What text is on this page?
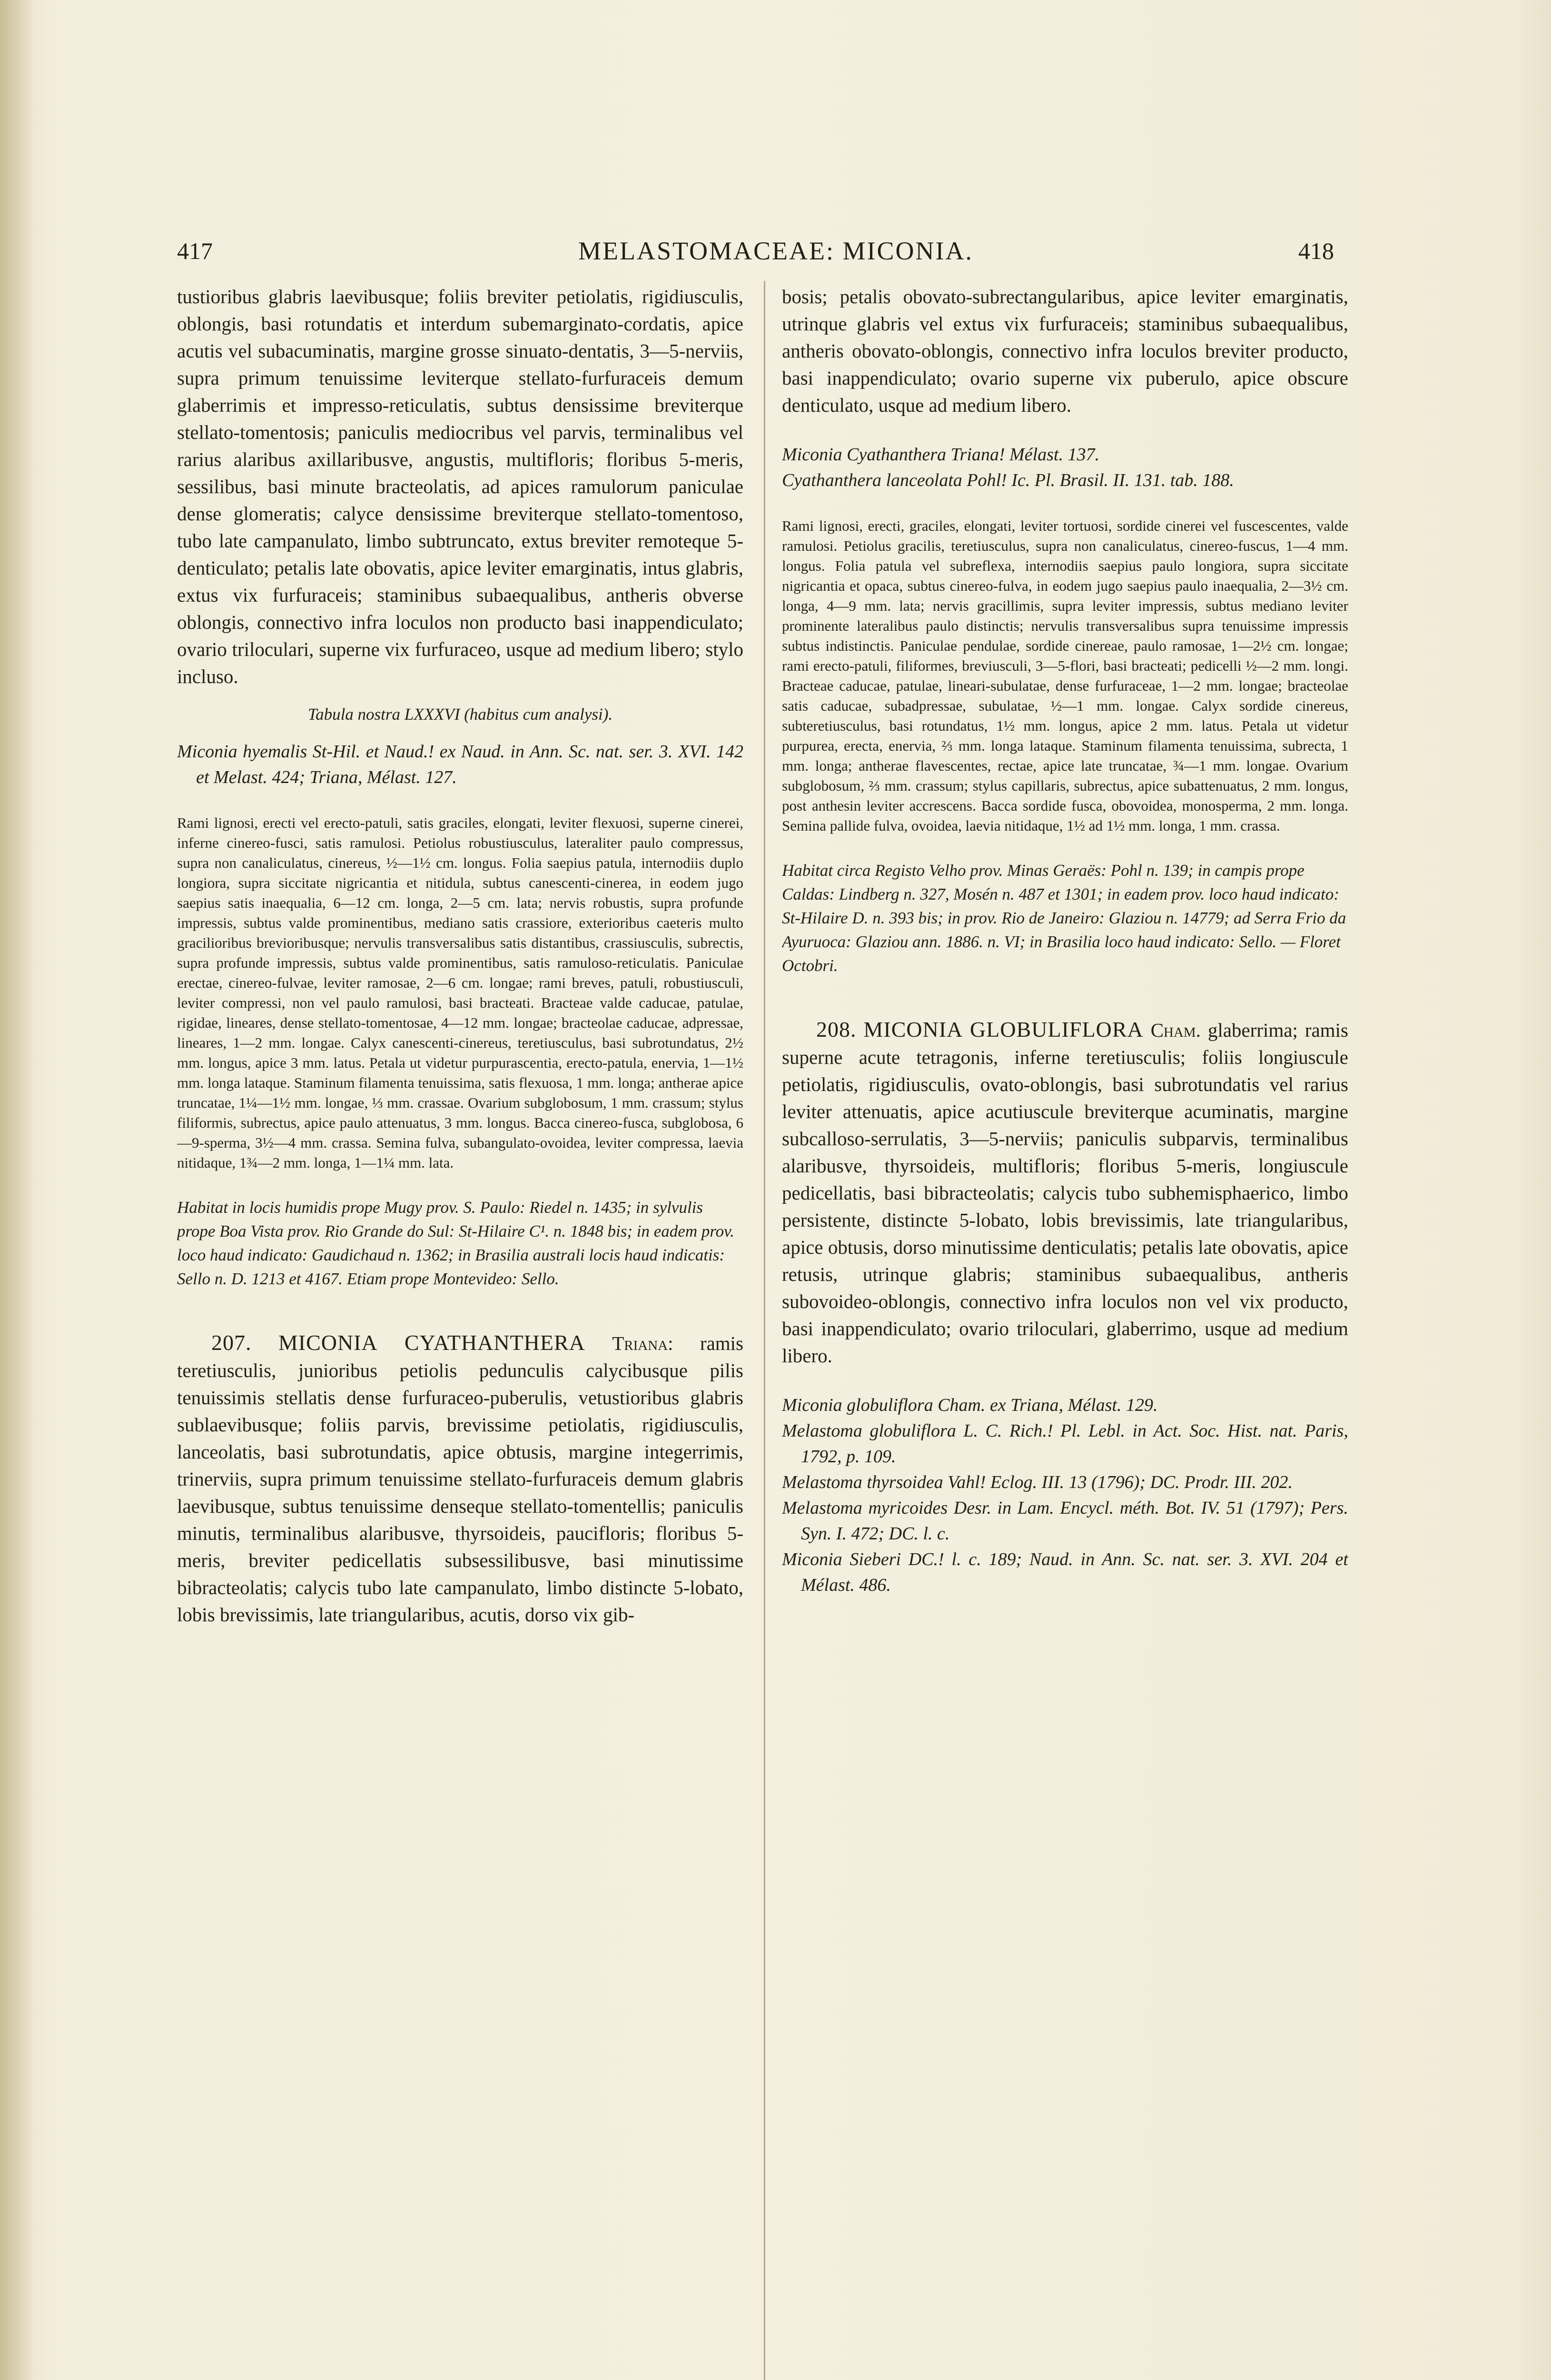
417	MELASTOMACEAE: MICONIA.	418

tustioribus glabris laevibusque; foliis breviter petiolatis, rigidiusculis, oblongis, basi rotundatis et interdum subemarginato-cordatis, apice acutis vel subacuminatis, margine grosse sinuato-dentatis, 3—5-nerviis, supra primum tenuissime leviterque stellato-furfuraceis demum glaberrimis et impresso-reticulatis, subtus densissime breviterque stellato-tomentosis; paniculis mediocribus vel parvis, terminalibus vel rarius alaribus axillaribusve, angustis, multifloris; floribus 5-meris, sessilibus, basi minute bracteolatis, ad apices ramulorum paniculae dense glomeratis; calyce densissime breviterque stellato-tomentoso, tubo late campanulato, limbo subtruncato, extus breviter remoteque 5-denticulato; petalis late obovatis, apice leviter emarginatis, intus glabris, extus vix furfuraceis; staminibus subaequalibus, antheris obverse oblongis, connectivo infra loculos non producto basi inappendiculato; ovario triloculari, superne vix furfuraceo, usque ad medium libero; stylo incluso.

Tabula nostra LXXXVI (habitus cum analysi).

Miconia hyemalis St-Hil. et Naud.! ex Naud. in Ann. Sc. nat. ser. 3. XVI. 142 et Melast. 424; Triana, Mélast. 127.

Rami lignosi, erecti vel erecto-patuli, satis graciles, elongati, leviter flexuosi, superne cinerei, inferne cinereo-fusci, satis ramulosi. Petiolus robustiusculus, lateraliter paulo compressus, supra non canaliculatus, cinereus, ½—1½ cm. longus. Folia saepius patula, internodiis duplo longiora, supra siccitate nigricantia et nitidula, subtus canescenti-cinerea, in eodem jugo saepius satis inaequalia, 6—12 cm. longa, 2—5 cm. lata; nervis robustis, supra profunde impressis, subtus valde prominentibus, mediano satis crassiore, exterioribus caeteris multo gracilioribus brevioribusque; nervulis transversalibus satis distantibus, crassiusculis, subrectis, supra profunde impressis, subtus valde prominentibus, satis ramuloso-reticulatis. Paniculae erectae, cinereo-fulvae, leviter ramosae, 2—6 cm. longae; rami breves, patuli, robustiusculi, leviter compressi, non vel paulo ramulosi, basi bracteati. Bracteae valde caducae, patulae, rigidae, lineares, dense stellato-tomentosae, 4—12 mm. longae; bracteolae caducae, adpressae, lineares, 1—2 mm. longae. Calyx canescenti-cinereus, teretiusculus, basi subrotundatus, 2½ mm. longus, apice 3 mm. latus. Petala ut videtur purpurascentia, erecto-patula, enervia, 1—1½ mm. longa lataque. Staminum filamenta tenuissima, satis flexuosa, 1 mm. longa; antherae apice truncatae, 1¼—1½ mm. longae, ⅓ mm. crassae. Ovarium subglobosum, 1 mm. crassum; stylus filiformis, subrectus, apice paulo attenuatus, 3 mm. longus. Bacca cinereo-fusca, subglobosa, 6—9-sperma, 3½—4 mm. crassa. Semina fulva, subangulato-ovoidea, leviter compressa, laevia nitidaque, 1¾—2 mm. longa, 1—1¼ mm. lata.

Habitat in locis humidis prope Mugy prov. S. Paulo: Riedel n. 1435; in sylvulis prope Boa Vista prov. Rio Grande do Sul: St-Hilaire C¹. n. 1848 bis; in eadem prov. loco haud indicato: Gaudichaud n. 1362; in Brasilia australi locis haud indicatis: Sello n. D. 1213 et 4167. Etiam prope Montevideo: Sello.

207. MICONIA CYATHANTHERA Triana: ramis teretiusculis, junioribus petiolis pedunculis calycibusque pilis tenuissimis stellatis dense furfuraceo-puberulis, vetustioribus glabris sublaevibusque; foliis parvis, brevissime petiolatis, rigidiusculis, lanceolatis, basi subrotundatis, apice obtusis, margine integerrimis, trinerviis, supra primum tenuissime stellato-furfuraceis demum glabris laevibusque, subtus tenuissime denseque stellato-tomentellis; paniculis minutis, terminalibus alaribusve, thyrsoideis, paucifloris; floribus 5-meris, breviter pedicellatis subsessilibusve, basi minutissime bibracteolatis; calycis tubo late campanulato, limbo distincte 5-lobato, lobis brevissimis, late triangularibus, acutis, dorso vix gib-

bosis; petalis obovato-subrectangularibus, apice leviter emarginatis, utrinque glabris vel extus vix furfuraceis; staminibus subaequalibus, antheris obovato-oblongis, connectivo infra loculos breviter producto, basi inappendiculato; ovario superne vix puberulo, apice obscure denticulato, usque ad medium libero.

Miconia Cyathanthera Triana! Mélast. 137.

Cyathanthera lanceolata Pohl! Ic. Pl. Brasil. II. 131. tab. 188.

Rami lignosi, erecti, graciles, elongati, leviter tortuosi, sordide cinerei vel fuscescentes, valde ramulosi. Petiolus gracilis, teretiusculus, supra non canaliculatus, cinereo-fuscus, 1—4 mm. longus. Folia patula vel subreflexa, internodiis saepius paulo longiora, supra siccitate nigricantia et opaca, subtus cinereo-fulva, in eodem jugo saepius paulo inaequalia, 2—3½ cm. longa, 4—9 mm. lata; nervis gracillimis, supra leviter impressis, subtus mediano leviter prominente lateralibus paulo distinctis; nervulis transversalibus supra tenuissime impressis subtus indistinctis. Paniculae pendulae, sordide cinereae, paulo ramosae, 1—2½ cm. longae; rami erecto-patuli, filiformes, breviusculi, 3—5-flori, basi bracteati; pedicelli ½—2 mm. longi. Bracteae caducae, patulae, lineari-subulatae, dense furfuraceae, 1—2 mm. longae; bracteolae satis caducae, subadpressae, subulatae, ½—1 mm. longae. Calyx sordide cinereus, subteretiusculus, basi rotundatus, 1½ mm. longus, apice 2 mm. latus. Petala ut videtur purpurea, erecta, enervia, ⅔ mm. longa lataque. Staminum filamenta tenuissima, subrecta, 1 mm. longa; antherae flavescentes, rectae, apice late truncatae, ¾—1 mm. longae. Ovarium subglobosum, ⅔ mm. crassum; stylus capillaris, subrectus, apice subattenuatus, 2 mm. longus, post anthesin leviter accrescens. Bacca sordide fusca, obovoidea, monosperma, 2 mm. longa. Semina pallide fulva, ovoidea, laevia nitidaque, 1½ ad 1½ mm. longa, 1 mm. crassa.

Habitat circa Registo Velho prov. Minas Geraës: Pohl n. 139; in campis prope Caldas: Lindberg n. 327, Mosén n. 487 et 1301; in eadem prov. loco haud indicato: St-Hilaire D. n. 393 bis; in prov. Rio de Janeiro: Glaziou n. 14779; ad Serra Frio da Ayuruoca: Glaziou ann. 1886. n. VI; in Brasilia loco haud indicato: Sello. — Floret Octobri.

208. MICONIA GLOBULIFLORA Cham. glaberrima; ramis superne acute tetragonis, inferne teretiusculis; foliis longiuscule petiolatis, rigidiusculis, ovato-oblongis, basi subrotundatis vel rarius leviter attenuatis, apice acutiuscule breviterque acuminatis, margine subcalloso-serrulatis, 3—5-nerviis; paniculis subparvis, terminalibus alaribusve, thyrsoideis, multifloris; floribus 5-meris, longiuscule pedicellatis, basi bibracteolatis; calycis tubo subhemisphaerico, limbo persistente, distincte 5-lobato, lobis brevissimis, late triangularibus, apice obtusis, dorso minutissime denticulatis; petalis late obovatis, apice retusis, utrinque glabris; staminibus subaequalibus, antheris subovoideo-oblongis, connectivo infra loculos non vel vix producto, basi inappendiculato; ovario triloculari, glaberrimo, usque ad medium libero.

Miconia globuliflora Cham. ex Triana, Mélast. 129.

Melastoma globuliflora L. C. Rich.! Pl. Lebl. in Act. Soc. Hist. nat. Paris, 1792, p. 109.

Melastoma thyrsoidea Vahl! Eclog. III. 13 (1796); DC. Prodr. III. 202.

Melastoma myricoides Desr. in Lam. Encycl. méth. Bot. IV. 51 (1797); Pers. Syn. I. 472; DC. l. c.

Miconia Sieberi DC.! l. c. 189; Naud. in Ann. Sc. nat. ser. 3. XVI. 204 et Mélast. 486.
